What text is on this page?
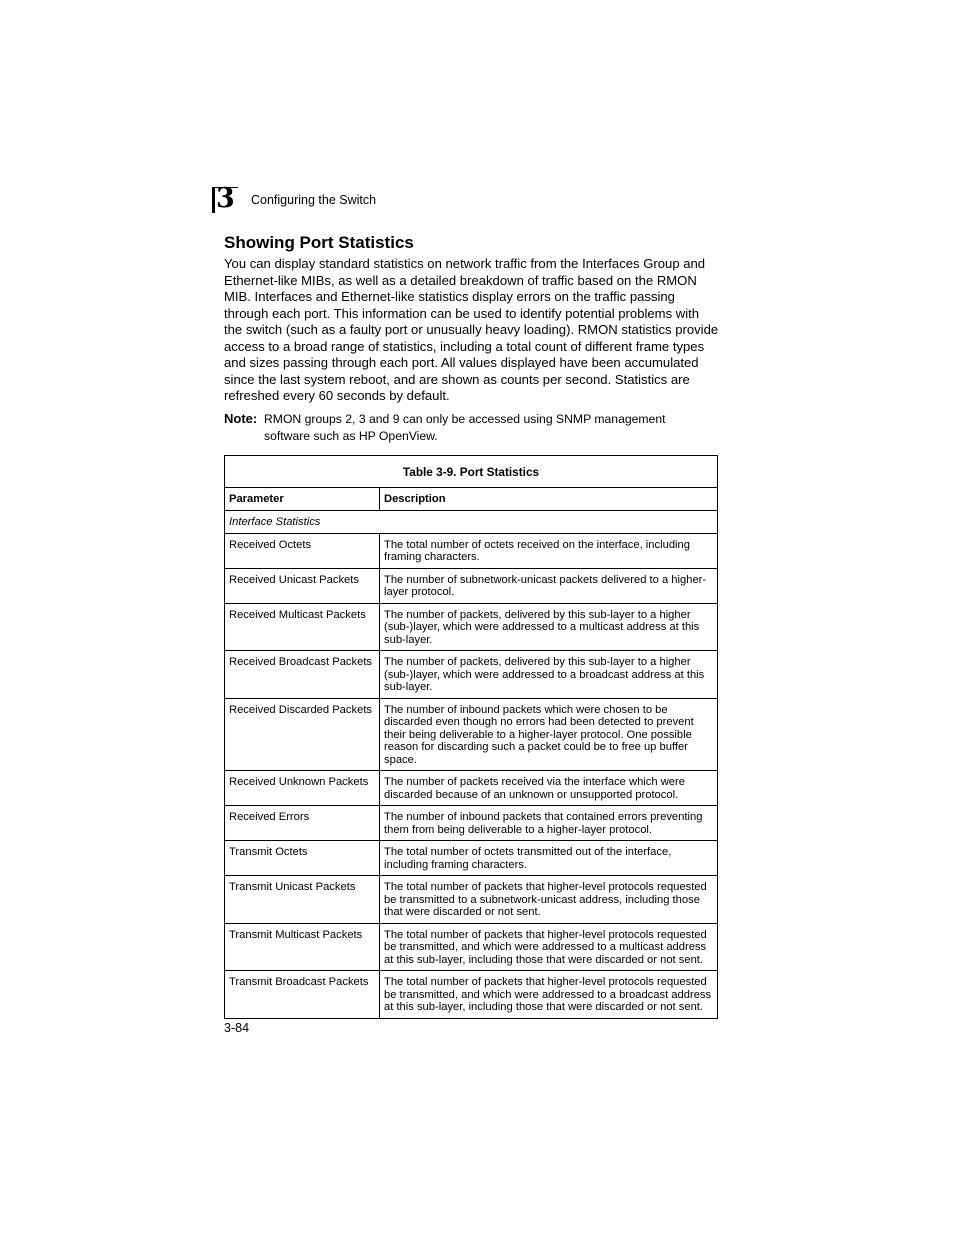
3 Configuring the Switch
Showing Port Statistics

You can display standard statistics on network traffic from the Interfaces Group and Ethernet-like MIBs, as well as a detailed breakdown of traffic based on the RMON MIB. Interfaces and Ethernet-like statistics display errors on the traffic passing through each port. This information can be used to identify potential problems with the switch (such as a faulty port or unusually heavy loading). RMON statistics provide access to a broad range of statistics, including a total count of different frame types and sizes passing through each port. All values displayed have been accumulated since the last system reboot, and are shown as counts per second. Statistics are refreshed every 60 seconds by default.

Note: RMON groups 2, 3 and 9 can only be accessed using SNMP management software such as HP OpenView.
Table 3-9. Port Statistics	
Parameter	Description
Interface Statistics	
Received Octets	The total number of octets received on the interface, including framing characters.
Received Unicast Packets	The number of subnetwork-unicast packets delivered to a higher-layer protocol.
Received Multicast Packets	The number of packets, delivered by this sub-layer to a higher (sub-)layer, which were addressed to a multicast address at this sub-layer.
Received Broadcast Packets	The number of packets, delivered by this sub-layer to a higher (sub-)layer, which were addressed to a broadcast address at this sub-layer.
Received Discarded Packets	The number of inbound packets which were chosen to be discarded even though no errors had been detected to prevent their being deliverable to a higher-layer protocol. One possible reason for discarding such a packet could be to free up buffer space.
Received Unknown Packets	The number of packets received via the interface which were discarded because of an unknown or unsupported protocol.
Received Errors	The number of inbound packets that contained errors preventing them from being deliverable to a higher-layer protocol.
Transmit Octets	The total number of octets transmitted out of the interface, including framing characters.
Transmit Unicast Packets	The total number of packets that higher-level protocols requested be transmitted to a subnetwork-unicast address, including those that were discarded or not sent.
Transmit Multicast Packets	The total number of packets that higher-level protocols requested be transmitted, and which were addressed to a multicast address at this sub-layer, including those that were discarded or not sent.
Transmit Broadcast Packets	The total number of packets that higher-level protocols requested be transmitted, and which were addressed to a broadcast address at this sub-layer, including those that were discarded or not sent.
3-84
